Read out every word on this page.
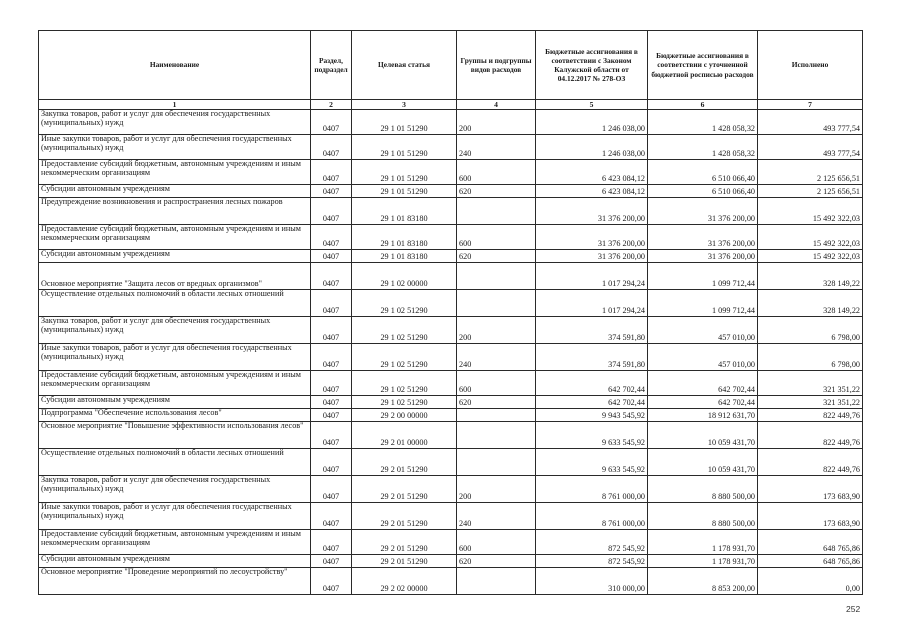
Наименование	Раздел, подраздел	Целевая статья	Группы и подгруппы видов расходов	Бюджетные ассигнования в соответствии с Законом Калужской области от 04.12.2017 № 278-ОЗ	Бюджетные ассигнования в соответствии с уточненной бюджетной росписью расходов	Исполнено
1	2	3	4	5	6	7
Закупка товаров, работ и услуг для обеспечения государственных (муниципальных) нужд	0407	29 1 01 51290	200	1 246 038,00	1 428 058,32	493 777,54
Иные закупки товаров, работ и услуг для обеспечения государственных (муниципальных) нужд	0407	29 1 01 51290	240	1 246 038,00	1 428 058,32	493 777,54
Предоставление субсидий бюджетным, автономным учреждениям и иным некоммерческим организациям	0407	29 1 01 51290	600	6 423 084,12	6 510 066,40	2 125 656,51
Субсидии автономным учреждениям	0407	29 1 01 51290	620	6 423 084,12	6 510 066,40	2 125 656,51
Предупреждение возникновения и распространения лесных пожаров	0407	29 1 01 83180		31 376 200,00	31 376 200,00	15 492 322,03
Предоставление субсидий бюджетным, автономным учреждениям и иным некоммерческим организациям	0407	29 1 01 83180	600	31 376 200,00	31 376 200,00	15 492 322,03
Субсидии автономным учреждениям	0407	29 1 01 83180	620	31 376 200,00	31 376 200,00	15 492 322,03
Основное мероприятие "Защита лесов от вредных организмов"	0407	29 1 02 00000		1 017 294,24	1 099 712,44	328 149,22
Осуществление отдельных полномочий в области лесных отношений	0407	29 1 02 51290		1 017 294,24	1 099 712,44	328 149,22
Закупка товаров, работ и услуг для обеспечения государственных (муниципальных) нужд	0407	29 1 02 51290	200	374 591,80	457 010,00	6 798,00
Иные закупки товаров, работ и услуг для обеспечения государственных (муниципальных) нужд	0407	29 1 02 51290	240	374 591,80	457 010,00	6 798,00
Предоставление субсидий бюджетным, автономным учреждениям и иным некоммерческим организациям	0407	29 1 02 51290	600	642 702,44	642 702,44	321 351,22
Субсидии автономным учреждениям	0407	29 1 02 51290	620	642 702,44	642 702,44	321 351,22
Подпрограмма "Обеспечение использования лесов"	0407	29 2 00 00000		9 943 545,92	18 912 631,70	822 449,76
Основное мероприятие "Повышение эффективности использования лесов"	0407	29 2 01 00000		9 633 545,92	10 059 431,70	822 449,76
Осуществление отдельных полномочий в области лесных отношений	0407	29 2 01 51290		9 633 545,92	10 059 431,70	822 449,76
Закупка товаров, работ и услуг для обеспечения государственных (муниципальных) нужд	0407	29 2 01 51290	200	8 761 000,00	8 880 500,00	173 683,90
Иные закупки товаров, работ и услуг для обеспечения государственных (муниципальных) нужд	0407	29 2 01 51290	240	8 761 000,00	8 880 500,00	173 683,90
Предоставление субсидий бюджетным, автономным учреждениям и иным некоммерческим организациям	0407	29 2 01 51290	600	872 545,92	1 178 931,70	648 765,86
Субсидии автономным учреждениям	0407	29 2 01 51290	620	872 545,92	1 178 931,70	648 765,86
Основное мероприятие "Проведение мероприятий по лесоустройству"	0407	29 2 02 00000		310 000,00	8 853 200,00	0,00
252
